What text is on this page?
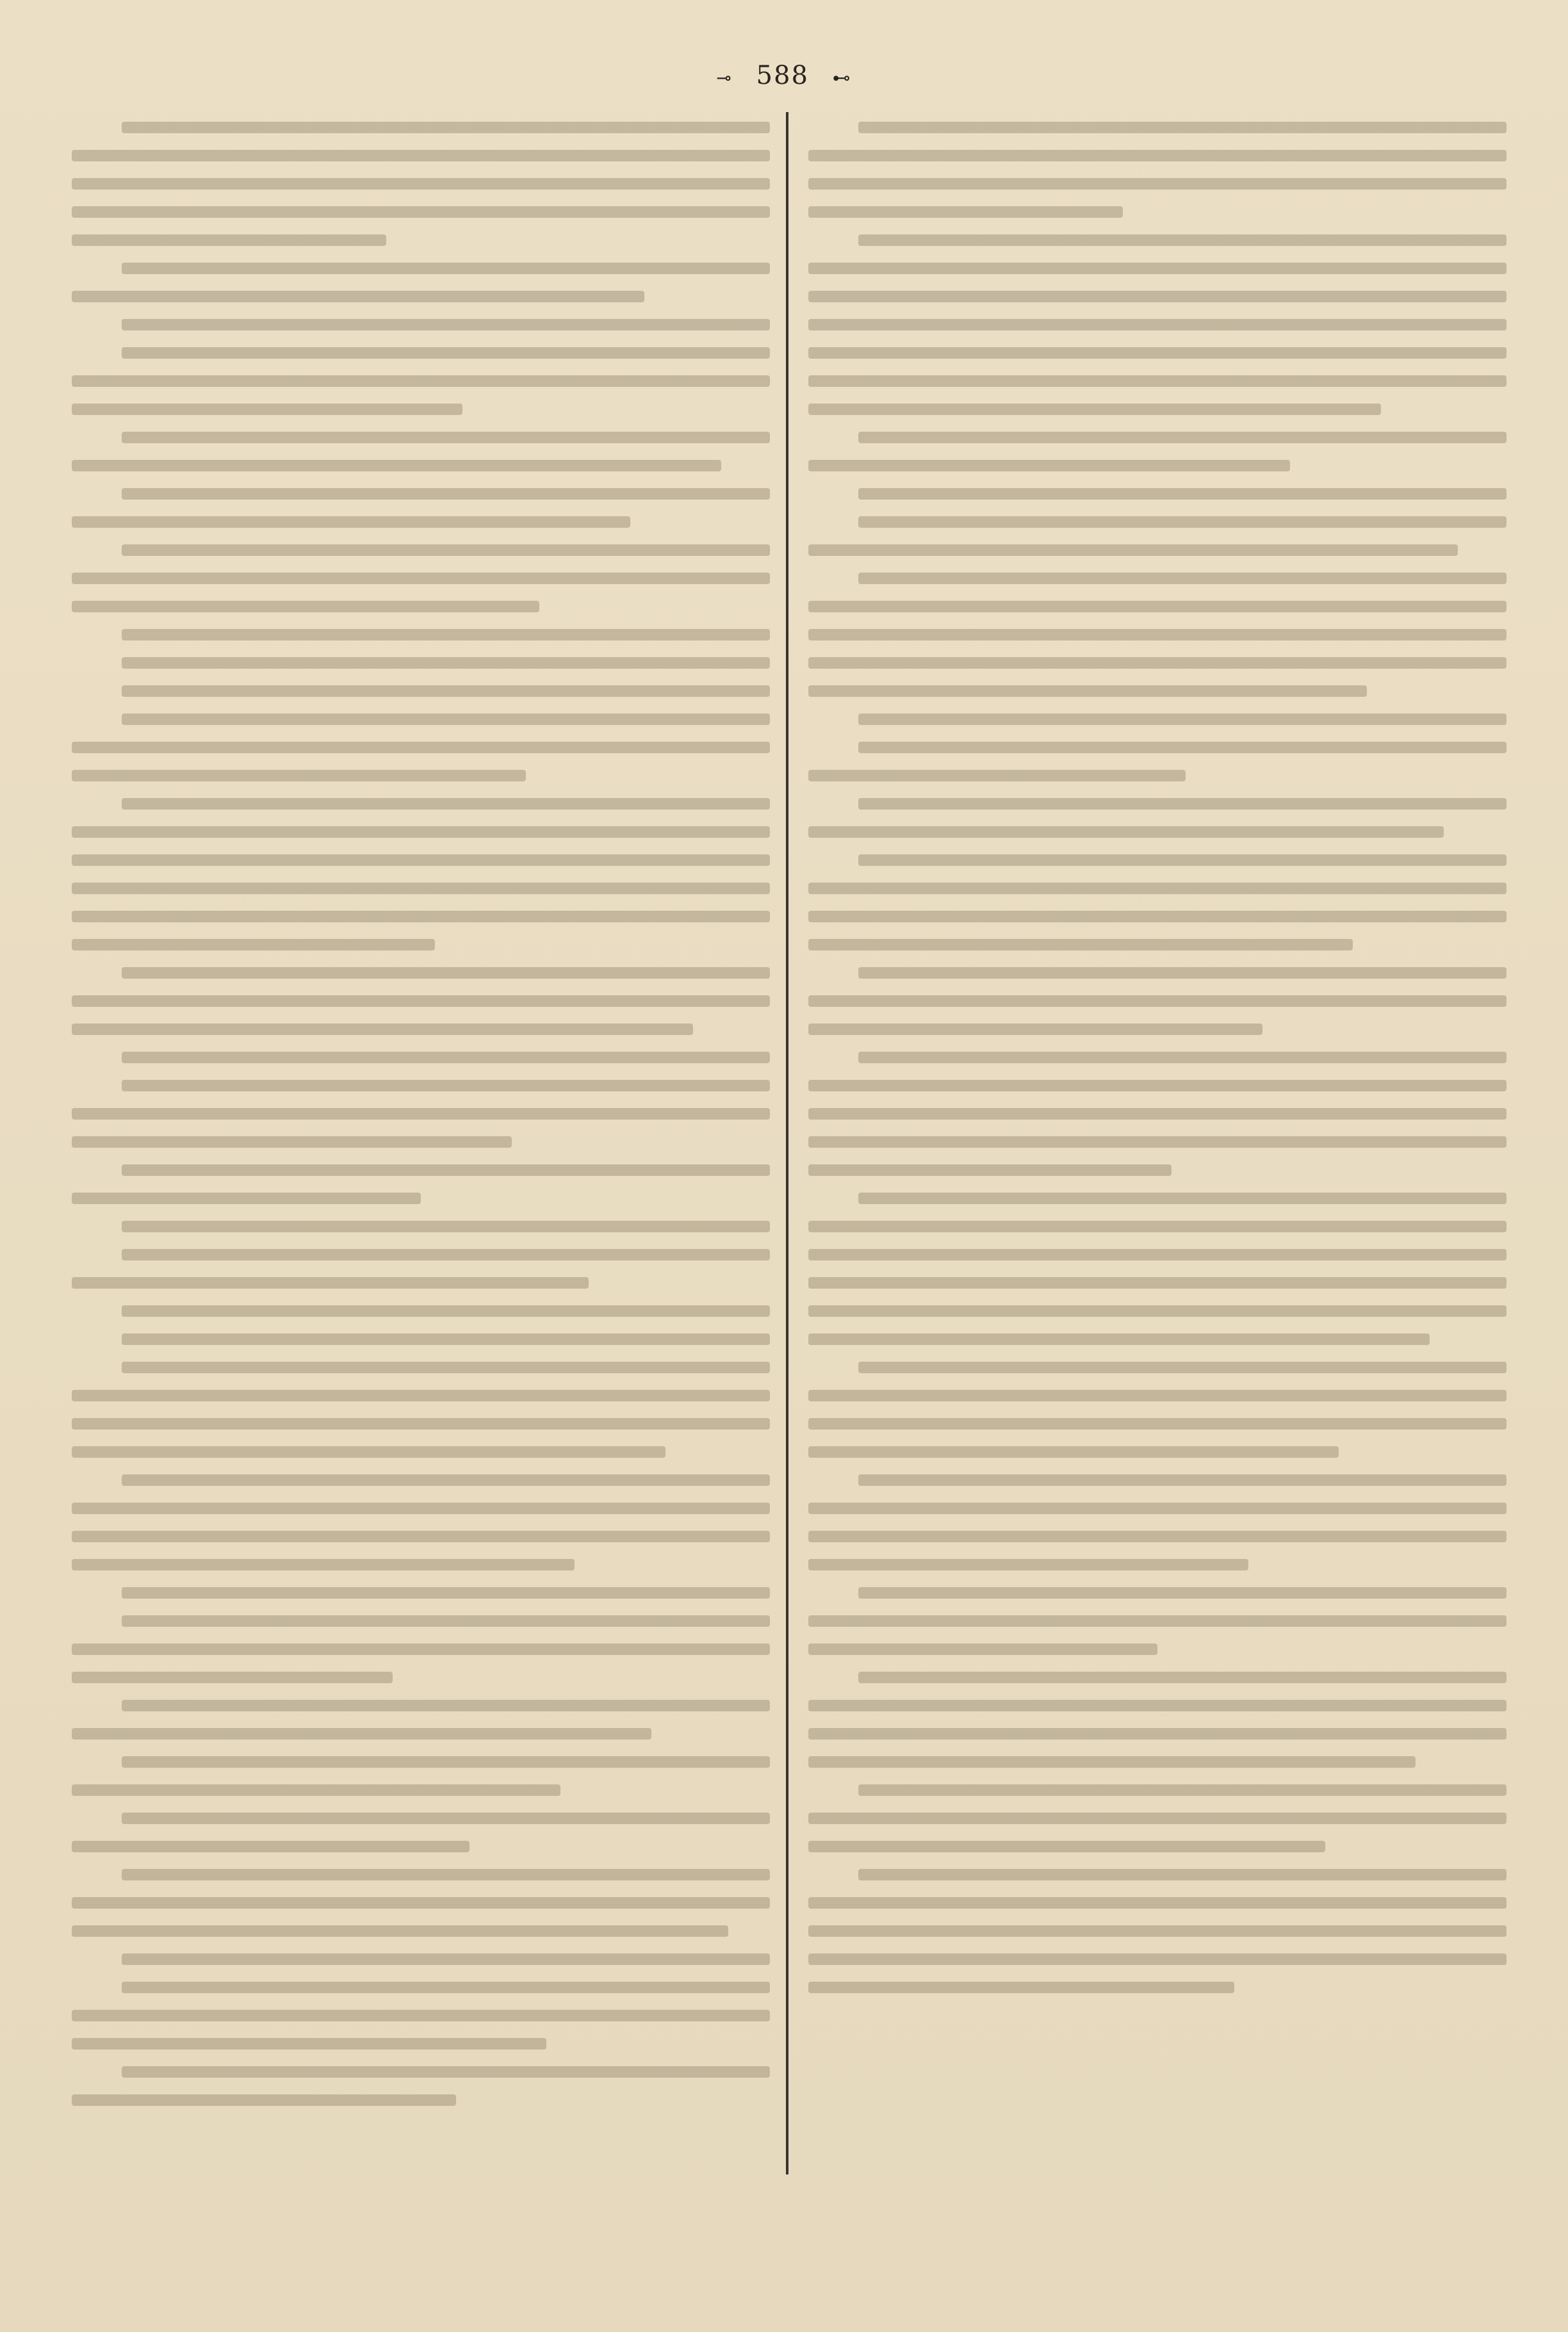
⊸ 588 ⊷
